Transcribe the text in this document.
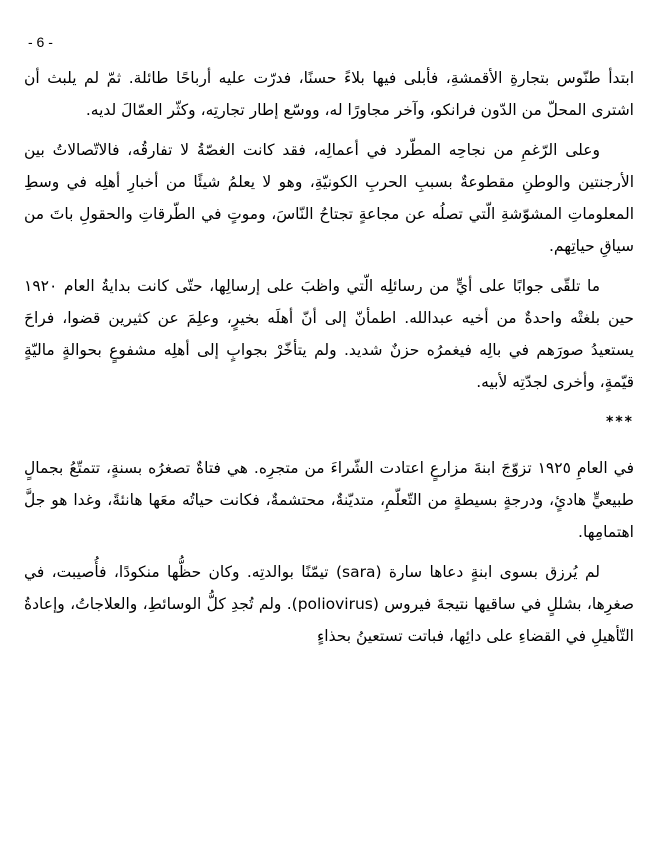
- 6 -

ابتدأ طنّوس بتجارةِ الأقمشةِ، فأبلى فيها بلاءً حسنًا، فدرّت عليه أرباحًا طائلة. ثمّ لم يلبث أن اشترى المحلّ من الدّون فرانكو، وآخر مجاورًا له، ووسّع إطار تجارتِه، وكثّر العمّالَ لديه.

وعلى الرّغمِ من نجاحِه المطّرد في أعمالِه، فقد كانت الغصّةُ لا تفارقُه، فالاتّصالاتُ بين الأرجنتين والوطنِ مقطوعةٌ بسببِ الحربِ الكونيّةِ، وهو لا يعلمُ شيئًا من أخبارِ أهلِه في وسطِ المعلوماتِ المشوّشةِ الّتي تصلُه عن مجاعةٍ تجتاحُ النّاسَ، وموتٍ في الطّرقاتِ والحقولِ باتَ من سياقِ حياتِهم.

ما تلقّى جوابًا على أيٍّ من رسائلِه الّتي واظبَ على إرسالِها، حتّى كانت بدايةُ العام ١٩٢٠ حين بلغتْه واحدةٌ من أخيه عبدالله. اطمأنّ إلى أنّ أهلَه بخيرٍ، وعلِمَ عن كثيرين قضوا، فراحَ يستعيدُ صورَهم في بالِه فيغمرُه حزنٌ شديد. ولم يتأخّرْ بجوابٍ إلى أهلِه مشفوعٍ بحوالةٍ ماليّةٍ قيّمةٍ، وأخرى لجدّتِه لأبيه.

***

في العامِ ١٩٢٥ تزوّجَ ابنةَ مزارعٍ اعتادت الشّراءَ من متجرِه. هي فتاةٌ تصغرُه بسنةٍ، تتمتّعُ بجمالٍ طبيعيٍّ هادئٍ، ودرجةٍ بسيطةٍ من التّعلّمِ، متديّنةٌ، محتشمةٌ، فكانت حياتُه معَها هانئةً، وغدا هو جلَّ اهتمامِها.

لم يُرزق بسوى ابنةٍ دعاها سارة (sara) تيمّنًا بوالدتِه. وكان حظُّها منكودًا، فأُصيبت، في صغرِها، بشللٍ في ساقيها نتيجةَ فيروس (poliovirus). ولم تُجدِ كلُّ الوسائطِ، والعلاجاتُ، وإعادةُ التّأهيلِ في القضاءِ على دائِها، فباتت تستعينُ بحذاءٍ
